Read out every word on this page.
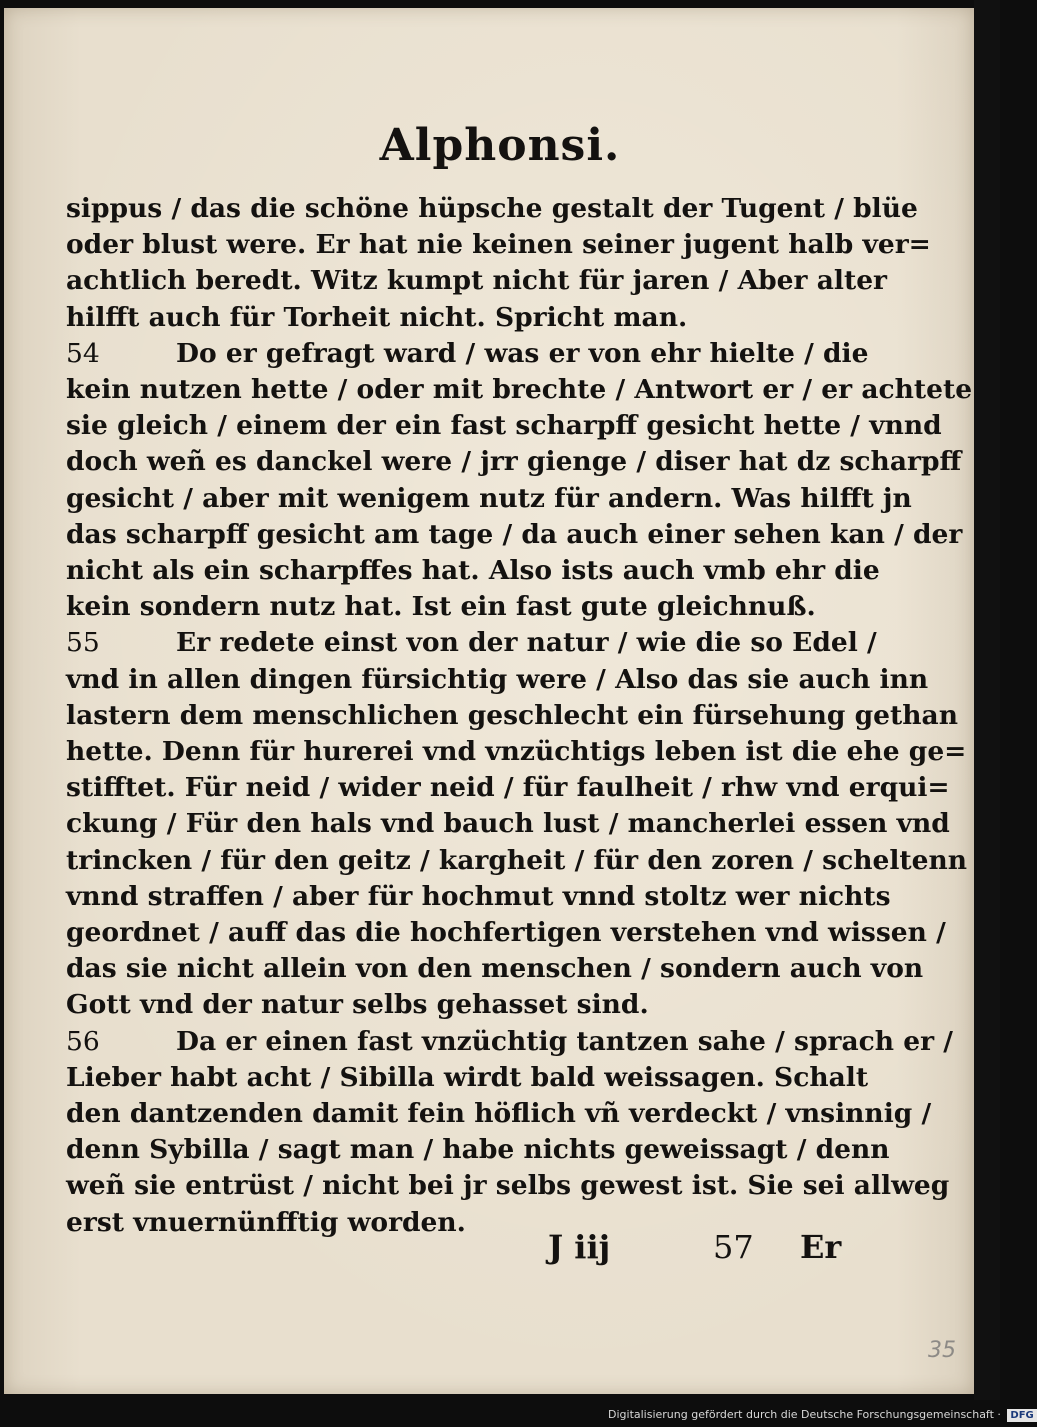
Alphonsi.
sippus / das die schöne hüpsche gestalt der Tugent / blüe
oder blust were. Er hat nie keinen seiner jugent halb ver=
achtlich beredt. Witz kumpt nicht für jaren / Aber alter
hilfft auch für Torheit nicht. Spricht man.
54	Do er gefragt ward / was er von ehr hielte / die
kein nutzen hette / oder mit brechte / Antwort er / er achtete
sie gleich / einem der ein fast scharpff gesicht hette / vnnd
doch weñ es danckel were / jrr gienge / diser hat dz scharpff
gesicht / aber mit wenigem nutz für andern. Was hilfft jn
das scharpff gesicht am tage / da auch einer sehen kan / der
nicht als ein scharpffes hat. Also ists auch vmb ehr die
kein sondern nutz hat. Ist ein fast gute gleichnuß.
55	Er redete einst von der natur / wie die so Edel /
vnd in allen dingen fürsichtig were / Also das sie auch inn
lastern dem menschlichen geschlecht ein fürsehung gethan
hette. Denn für hurerei vnd vnzüchtigs leben ist die ehe ge=
stifftet. Für neid / wider neid / für faulheit / rhw vnd erqui=
ckung / Für den hals vnd bauch lust / mancherlei essen vnd
trincken / für den geitz / kargheit / für den zoren / scheltenn
vnnd straffen / aber für hochmut vnnd stoltz wer nichts
geordnet / auff das die hochfertigen verstehen vnd wissen /
das sie nicht allein von den menschen / sondern auch von
Gott vnd der natur selbs gehasset sind.
56	Da er einen fast vnzüchtig tantzen sahe / sprach er /
Lieber habt acht / Sibilla wirdt bald weissagen. Schalt
den dantzenden damit fein höflich vñ verdeckt / vnsinnig /
denn Sybilla / sagt man / habe nichts geweissagt / denn
weñ sie entrüst / nicht bei jr selbs gewest ist. Sie sei allweg
erst vnuernünfftig worden.
J iij	57 Er
35
Digitalisierung gefördert durch die Deutsche Forschungsgemeinschaft · DFG
